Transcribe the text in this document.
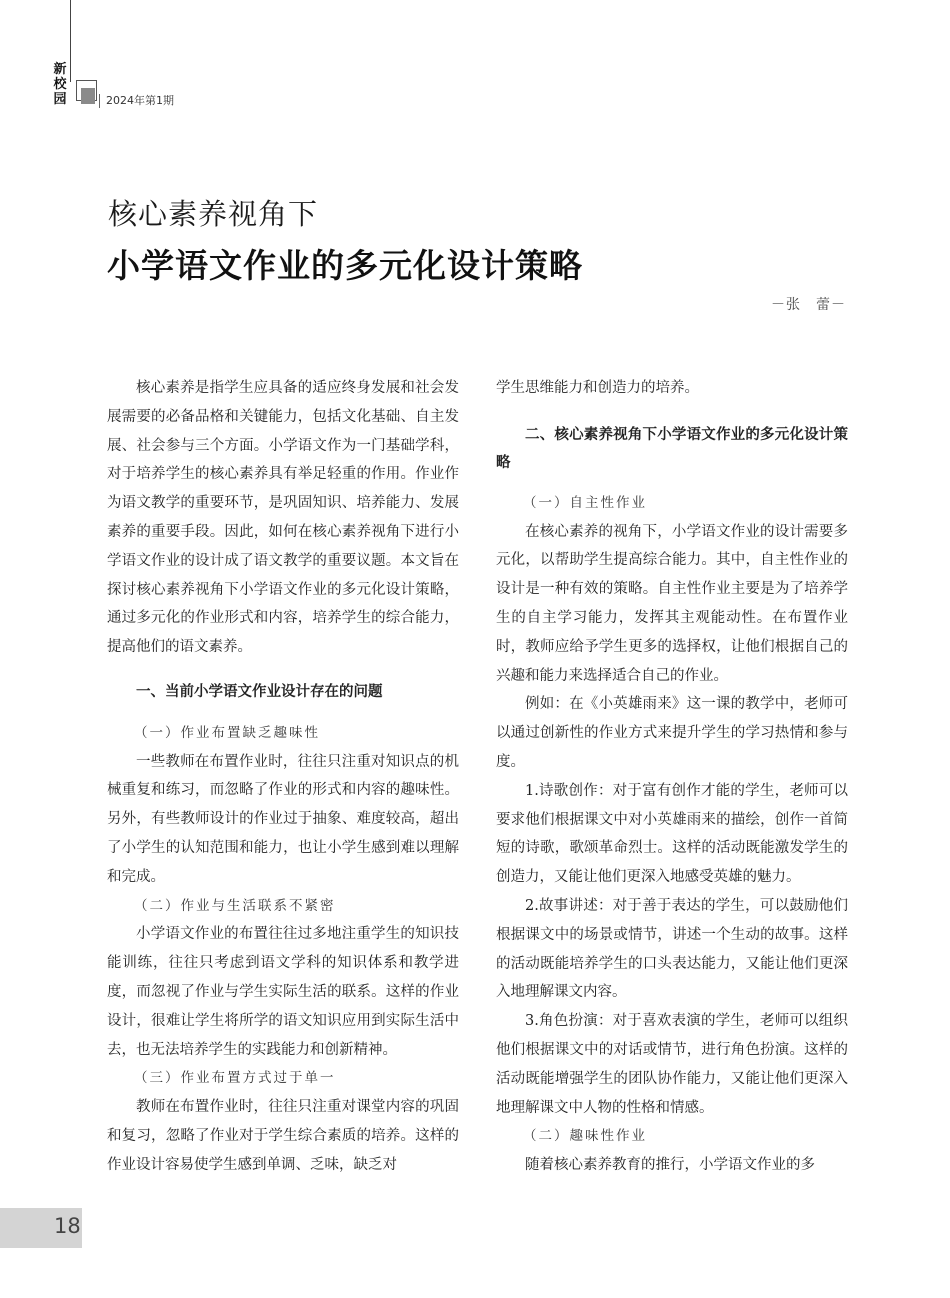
新
校
园	2024年第1期
核心素养视角下
小学语文作业的多元化设计策略
－张　蕾－

核心素养是指学生应具备的适应终身发展和社会发展需要的必备品格和关键能力，包括文化基础、自主发展、社会参与三个方面。小学语文作为一门基础学科，对于培养学生的核心素养具有举足轻重的作用。作业作为语文教学的重要环节，是巩固知识、培养能力、发展素养的重要手段。因此，如何在核心素养视角下进行小学语文作业的设计成了语文教学的重要议题。本文旨在探讨核心素养视角下小学语文作业的多元化设计策略，通过多元化的作业形式和内容，培养学生的综合能力，提高他们的语文素养。

一、当前小学语文作业设计存在的问题
（一）作业布置缺乏趣味性

一些教师在布置作业时，往往只注重对知识点的机械重复和练习，而忽略了作业的形式和内容的趣味性。另外，有些教师设计的作业过于抽象、难度较高，超出了小学生的认知范围和能力，也让小学生感到难以理解和完成。

（二）作业与生活联系不紧密

小学语文作业的布置往往过多地注重学生的知识技能训练，往往只考虑到语文学科的知识体系和教学进度，而忽视了作业与学生实际生活的联系。这样的作业设计，很难让学生将所学的语文知识应用到实际生活中去，也无法培养学生的实践能力和创新精神。

（三）作业布置方式过于单一

教师在布置作业时，往往只注重对课堂内容的巩固和复习，忽略了作业对于学生综合素质的培养。这样的作业设计容易使学生感到单调、乏味，缺乏对

学生思维能力和创造力的培养。

二、核心素养视角下小学语文作业的多元化设计策略
（一）自主性作业

在核心素养的视角下，小学语文作业的设计需要多元化，以帮助学生提高综合能力。其中，自主性作业的设计是一种有效的策略。自主性作业主要是为了培养学生的自主学习能力，发挥其主观能动性。在布置作业时，教师应给予学生更多的选择权，让他们根据自己的兴趣和能力来选择适合自己的作业。

例如：在《小英雄雨来》这一课的教学中，老师可以通过创新性的作业方式来提升学生的学习热情和参与度。

1.诗歌创作：对于富有创作才能的学生，老师可以要求他们根据课文中对小英雄雨来的描绘，创作一首简短的诗歌，歌颂革命烈士。这样的活动既能激发学生的创造力，又能让他们更深入地感受英雄的魅力。

2.故事讲述：对于善于表达的学生，可以鼓励他们根据课文中的场景或情节，讲述一个生动的故事。这样的活动既能培养学生的口头表达能力，又能让他们更深入地理解课文内容。

3.角色扮演：对于喜欢表演的学生，老师可以组织他们根据课文中的对话或情节，进行角色扮演。这样的活动既能增强学生的团队协作能力，又能让他们更深入地理解课文中人物的性格和情感。

（二）趣味性作业

随着核心素养教育的推行，小学语文作业的多

18
